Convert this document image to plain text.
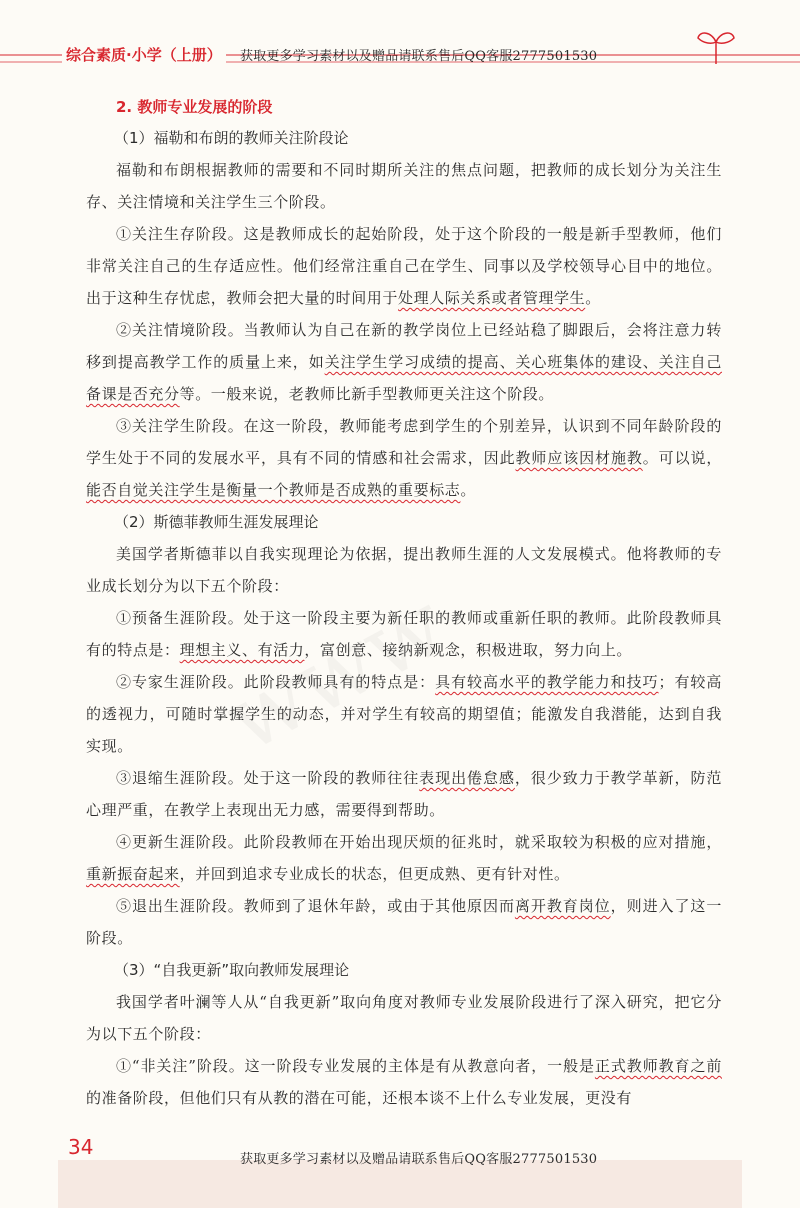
综合素质·小学（上册）	获取更多学习素材以及赠品请联系售后QQ客服2777501530
2. 教师专业发展的阶段
（1）福勒和布朗的教师关注阶段论

福勒和布朗根据教师的需要和不同时期所关注的焦点问题，把教师的成长划分为关注生存、关注情境和关注学生三个阶段。

①关注生存阶段。这是教师成长的起始阶段，处于这个阶段的一般是新手型教师，他们非常关注自己的生存适应性。他们经常注重自己在学生、同事以及学校领导心目中的地位。出于这种生存忧虑，教师会把大量的时间用于处理人际关系或者管理学生。

②关注情境阶段。当教师认为自己在新的教学岗位上已经站稳了脚跟后，会将注意力转移到提高教学工作的质量上来，如关注学生学习成绩的提高、关心班集体的建设、关注自己备课是否充分等。一般来说，老教师比新手型教师更关注这个阶段。

③关注学生阶段。在这一阶段，教师能考虑到学生的个别差异，认识到不同年龄阶段的学生处于不同的发展水平，具有不同的情感和社会需求，因此教师应该因材施教。可以说，能否自觉关注学生是衡量一个教师是否成熟的重要标志。

（2）斯德菲教师生涯发展理论

美国学者斯德菲以自我实现理论为依据，提出教师生涯的人文发展模式。他将教师的专业成长划分为以下五个阶段：

①预备生涯阶段。处于这一阶段主要为新任职的教师或重新任职的教师。此阶段教师具有的特点是：理想主义、有活力，富创意、接纳新观念，积极进取，努力向上。

②专家生涯阶段。此阶段教师具有的特点是：具有较高水平的教学能力和技巧；有较高的透视力，可随时掌握学生的动态，并对学生有较高的期望值；能激发自我潜能，达到自我实现。

③退缩生涯阶段。处于这一阶段的教师往往表现出倦怠感，很少致力于教学革新，防范心理严重，在教学上表现出无力感，需要得到帮助。

④更新生涯阶段。此阶段教师在开始出现厌烦的征兆时，就采取较为积极的应对措施，重新振奋起来，并回到追求专业成长的状态，但更成熟、更有针对性。

⑤退出生涯阶段。教师到了退休年龄，或由于其他原因而离开教育岗位，则进入了这一阶段。

（3）“自我更新”取向教师发展理论

我国学者叶澜等人从“自我更新”取向角度对教师专业发展阶段进行了深入研究，把它分为以下五个阶段：

①“非关注”阶段。这一阶段专业发展的主体是有从教意向者，一般是正式教师教育之前的准备阶段，但他们只有从教的潜在可能，还根本谈不上什么专业发展，更没有

34
获取更多学习素材以及赠品请联系售后QQ客服2777501530
